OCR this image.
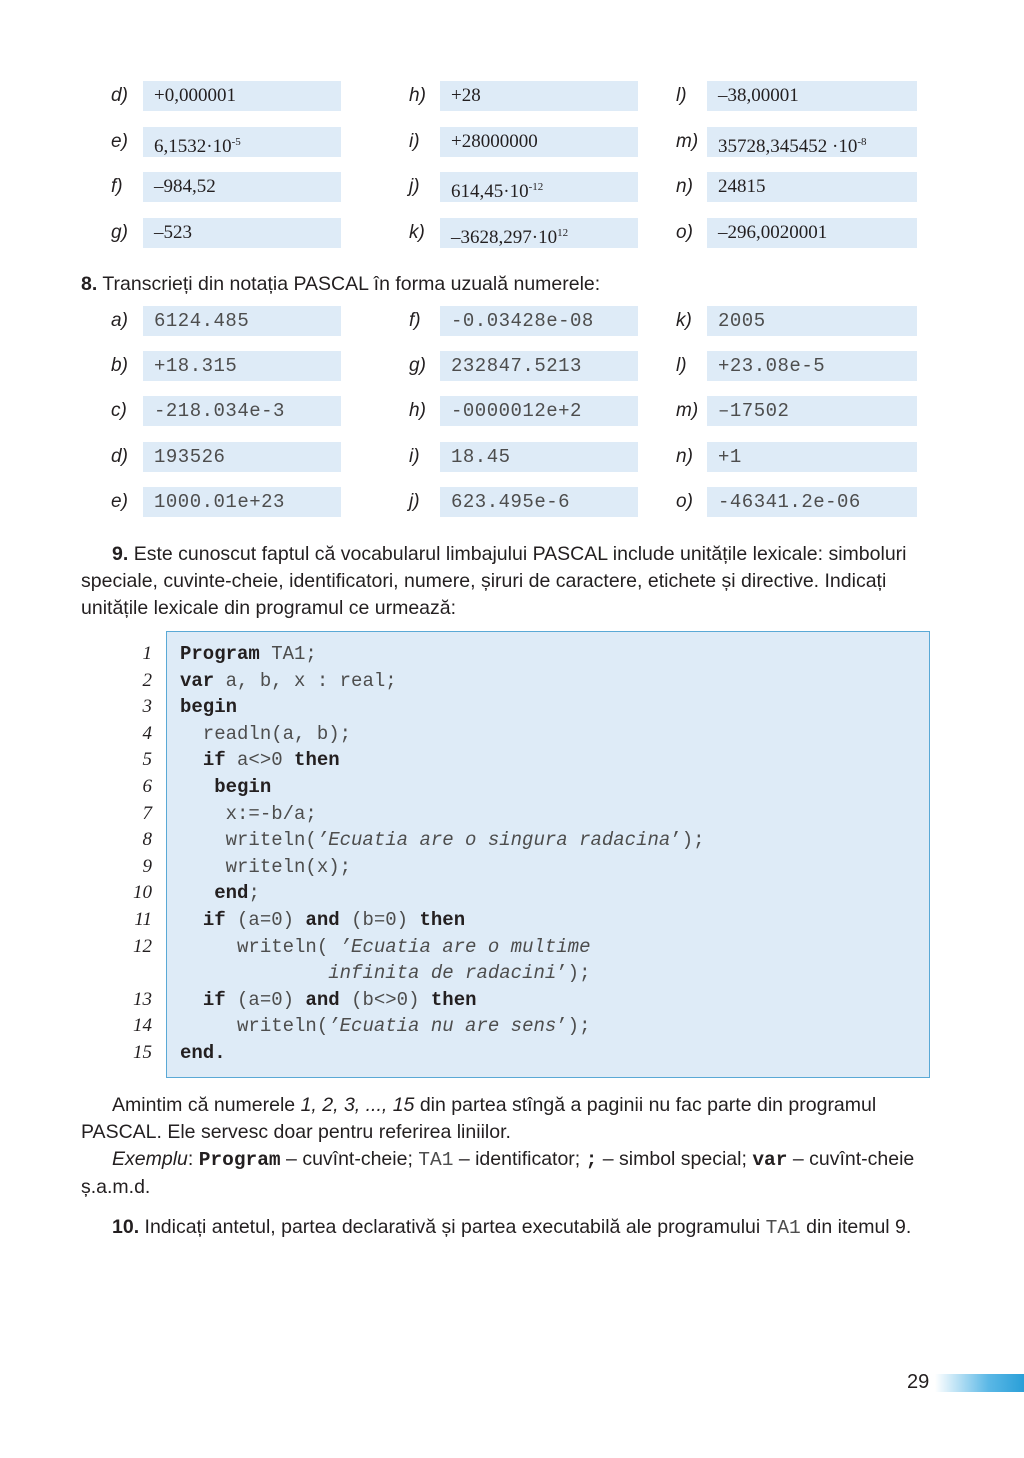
d)	+0,000001	h)	+28	l)	–38,00001
e)	$6,1532\cdot 10^{-5}$	i)	+28000000	m)	$35728,345452 \cdot 10^{-8}$
f)	–984,52	j)	$614,45\cdot 10^{-12}$	n)	24815
g)	–523	k)	$-3628,297\cdot 10^{12}$	o)	–296,0020001
8. Transcrieți din notația PASCAL în forma uzuală numerele:
a)	6124.485	f)	-0.03428e-08	k)	2005
b)	+18.315	g)	232847.5213	l)	+23.08e-5
c)	-218.034e-3	h)	-0000012e+2	m)	–17502
d)	193526	i)	18.45	n)	+1
e)	1000.01e+23	j)	623.495e-6	o)	-46341.2e-06
9. Este cunoscut faptul că vocabularul limbajului PASCAL include unitățile lexicale: simboluri speciale, cuvinte-cheie, identificatori, numere, șiruri de caractere, etichete și directive. Indicați unitățile lexicale din programul ce urmează:
1
2
3
4
5
6
7
8
9
10
11
12
13
14
15
Program TA1;
var a, b, x : real;
begin
readln(a, b);
if a<>0 then
begin
x:=-b/a;
writeln(’Ecuatia are o singura radacina’);
writeln(x);
end;
if (a=0) and (b=0) then
writeln( ’Ecuatia are o multime
infinita de radacini’);
if (a=0) and (b<>0) then
writeln(’Ecuatia nu are sens’);
end.
Amintim că numerele 1, 2, 3, ..., 15 din partea stîngă a paginii nu fac parte din programul PASCAL. Ele servesc doar pentru referirea liniilor.
Exemplu: Program – cuvînt-cheie; TA1 – identificator; ; – simbol special; var – cuvînt-cheie ș.a.m.d.
10. Indicați antetul, partea declarativă și partea executabilă ale programului TA1 din itemul 9.
29
